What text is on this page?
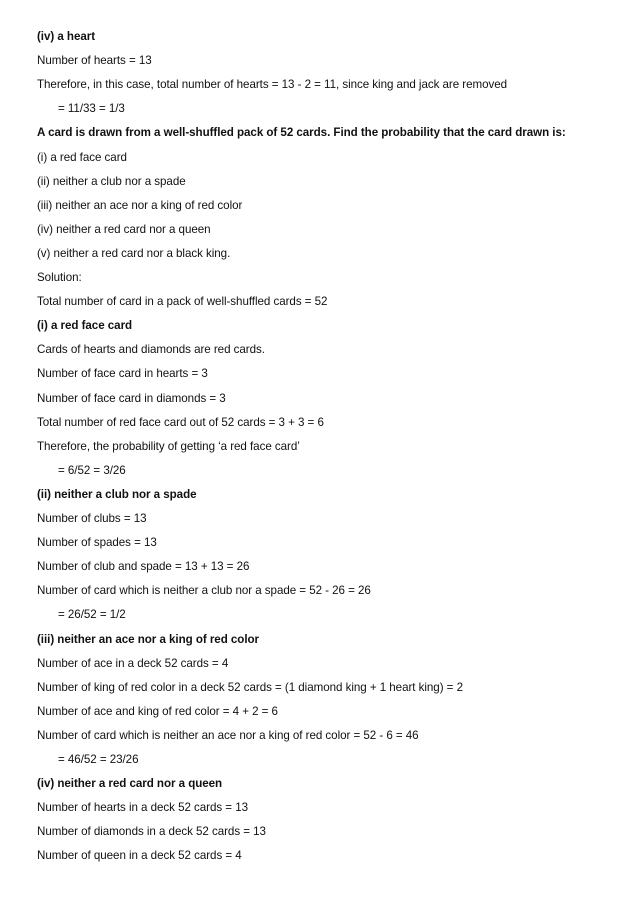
(iv) a heart
Number of hearts = 13
Therefore, in this case, total number of hearts = 13 - 2 = 11, since king and jack are removed
= 11/33 = 1/3
A card is drawn from a well-shuffled pack of 52 cards. Find the probability that the card drawn is:
(i) a red face card
(ii) neither a club nor a spade
(iii) neither an ace nor a king of red color
(iv) neither a red card nor a queen
(v) neither a red card nor a black king.
Solution:
Total number of card in a pack of well-shuffled cards = 52
(i) a red face card
Cards of hearts and diamonds are red cards.
Number of face card in hearts = 3
Number of face card in diamonds = 3
Total number of red face card out of 52 cards = 3 + 3 = 6
Therefore, the probability of getting ‘a red face card’
= 6/52 = 3/26
(ii) neither a club nor a spade
Number of clubs = 13
Number of spades = 13
Number of club and spade = 13 + 13 = 26
Number of card which is neither a club nor a spade = 52 - 26 = 26
= 26/52 = 1/2
(iii) neither an ace nor a king of red color
Number of ace in a deck 52 cards = 4
Number of king of red color in a deck 52 cards = (1 diamond king + 1 heart king) = 2
Number of ace and king of red color = 4 + 2 = 6
Number of card which is neither an ace nor a king of red color = 52 - 6 = 46
= 46/52 = 23/26
(iv) neither a red card nor a queen
Number of hearts in a deck 52 cards = 13
Number of diamonds in a deck 52 cards = 13
Number of queen in a deck 52 cards = 4
